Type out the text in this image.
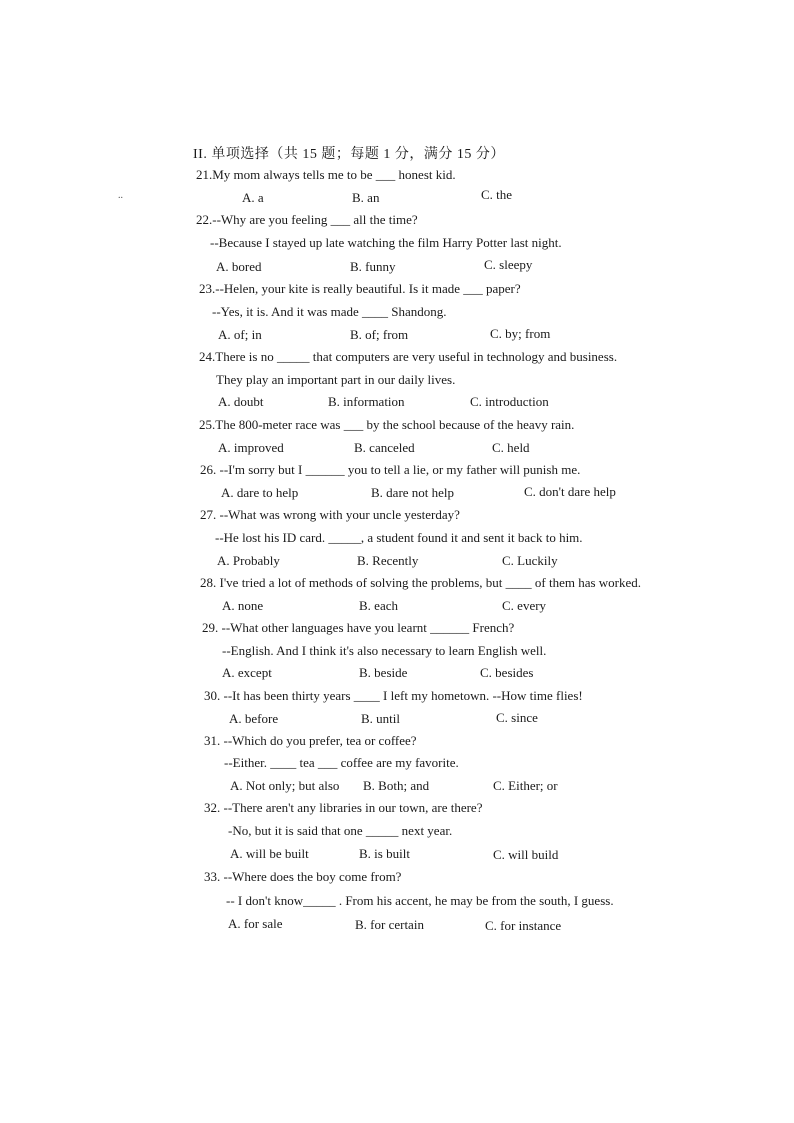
II. 单项选择（共 15 题；每题 1 分，满分 15 分）
..
21.My mom always tells me to be ___ honest kid.
A. a	B. an	C. the
22.--Why are you feeling ___ all the time?
--Because I stayed up late watching the film Harry Potter last night.
A. bored	B. funny	C. sleepy
23.--Helen, your kite is really beautiful. Is it made ___ paper?
--Yes, it is. And it was made ____ Shandong.
A. of; in	B. of; from	C. by; from
24.There is no _____ that computers are very useful in technology and business.
They play an important part in our daily lives.
A. doubt	B. information	C. introduction
25.The 800-meter race was ___ by the school because of the heavy rain.
A. improved	B. canceled	C. held
26. --I'm sorry but I ______ you to tell a lie, or my father will punish me.
A. dare to help	B. dare not help	C. don't dare help
27. --What was wrong with your uncle yesterday?
--He lost his ID card. _____, a student found it and sent it back to him.
A. Probably	B. Recently	C. Luckily
28. I've tried a lot of methods of solving the problems, but ____ of them has worked.
A. none	B. each	C. every
29. --What other languages have you learnt ______ French?
--English. And I think it's also necessary to learn English well.
A. except	B. beside	C. besides
30. --It has been thirty years ____ I left my hometown. --How time flies!
A. before	B. until	C. since
31. --Which do you prefer, tea or coffee?
--Either. ____ tea ___ coffee are my favorite.
A. Not only; but also B. Both; and	C. Either; or
32. --There aren't any libraries in our town, are there?
-No, but it is said that one _____ next year.
A. will be built	B. is built	C. will build
33. --Where does the boy come from?
-- I don't know_____ . From his accent, he may be from the south, I guess.
A. for sale	B. for certain	C. for instance
